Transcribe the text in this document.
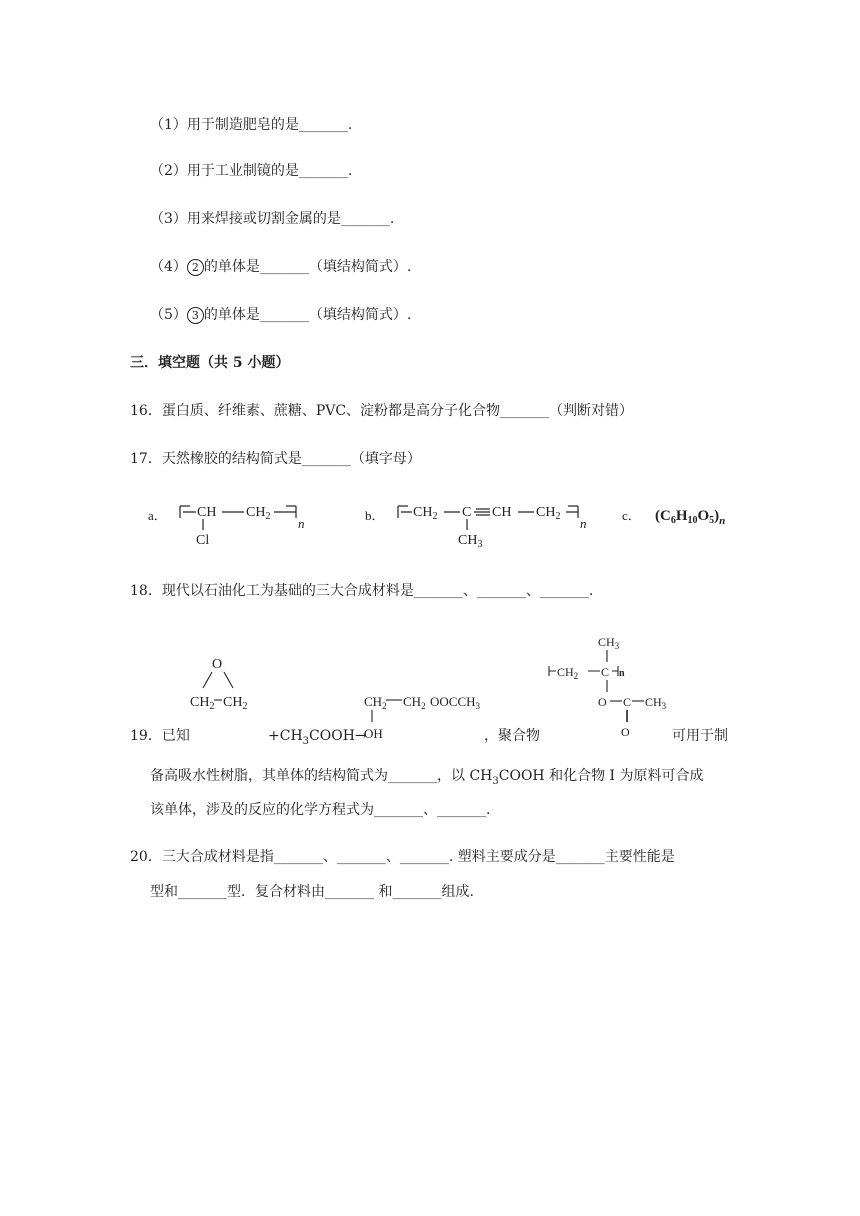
（1）用于制造肥皂的是_______.
（2）用于工业制镜的是_______.
（3）用来焊接或切割金属的是_______.
（4） 2 的单体是_______（填结构简式）.
（5） 3 的单体是_______（填结构简式）.
三．填空题（共 5 小题）
16．蛋白质、纤维素、蔗糖、PVC、淀粉都是高分子化合物_______（判断对错）
17．天然橡胶的结构简式是_______（填字母）
a． CH $CH_2$ n
Cl
b． $CH_2$ C CH $CH_2$ n
$CH_3$
c． $(C_6H_{10}O_5)_n$
18．现代以石油化工为基础的三大合成材料是_______、_______、_______.
O
$CH_2$ $CH_2$	$CH_2$ $CH_2$ $OOCCH_3$
OH
$CH_3$
$CH_2$ C n
O C $CH_3$
O
19．已知	$+CH_3COOH\to$	，聚合物	可用于制
备高吸水性树脂，其单体的结构简式为_______，以 $CH_3COOH$ 和化合物 I 为原料可合成
该单体，涉及的反应的化学方程式为_______、_______.
20．三大合成材料是指_______、_______、_______. 塑料主要成分是_______主要性能是
型和_______型．复合材料由_______ 和_______组成.
